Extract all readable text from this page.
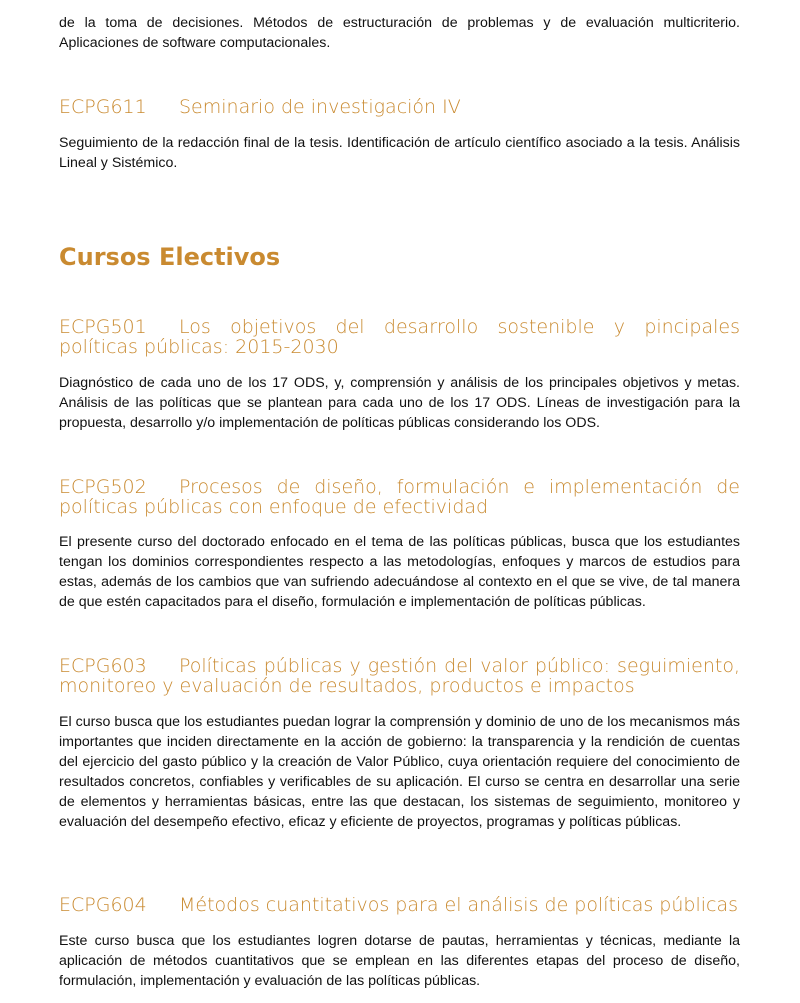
de la toma de decisiones. Métodos de estructuración de problemas y de evaluación multicriterio. Aplicaciones de software computacionales.

ECPG611 Seminario de investigación IV

Seguimiento de la redacción final de la tesis. Identificación de artículo científico asociado a la tesis. Análisis Lineal y Sistémico.

Cursos Electivos
ECPG501 Los objetivos del desarrollo sostenible y pincipales políticas públicas: 2015-2030

Diagnóstico de cada uno de los 17 ODS, y, comprensión y análisis de los principales objetivos y metas. Análisis de las políticas que se plantean para cada uno de los 17 ODS. Líneas de investigación para la propuesta, desarrollo y/o implementación de políticas públicas considerando los ODS.

ECPG502 Procesos de diseño, formulación e implementación de políticas públicas con enfoque de efectividad

El presente curso del doctorado enfocado en el tema de las políticas públicas, busca que los estudiantes tengan los dominios correspondientes respecto a las metodologías, enfoques y marcos de estudios para estas, además de los cambios que van sufriendo adecuándose al contexto en el que se vive, de tal manera de que estén capacitados para el diseño, formulación e implementación de políticas públicas.

ECPG603 Políticas públicas y gestión del valor público: seguimiento, monitoreo y evaluación de resultados, productos e impactos

El curso busca que los estudiantes puedan lograr la comprensión y dominio de uno de los mecanismos más importantes que inciden directamente en la acción de gobierno: la transparencia y la rendición de cuentas del ejercicio del gasto público y la creación de Valor Público, cuya orientación requiere del conocimiento de resultados concretos, confiables y verificables de su aplicación. El curso se centra en desarrollar una serie de elementos y herramientas básicas, entre las que destacan, los sistemas de seguimiento, monitoreo y evaluación del desempeño efectivo, eficaz y eficiente de proyectos, programas y políticas públicas.

ECPG604 Métodos cuantitativos para el análisis de políticas públicas

Este curso busca que los estudiantes logren dotarse de pautas, herramientas y técnicas, mediante la aplicación de métodos cuantitativos que se emplean en las diferentes etapas del proceso de diseño, formulación, implementación y evaluación de las políticas públicas.
